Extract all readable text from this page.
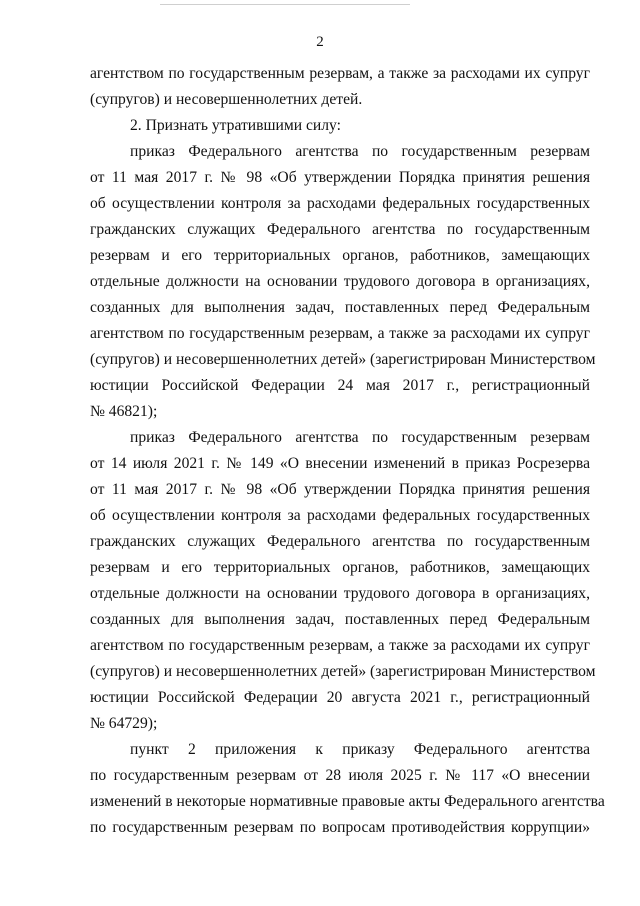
2

агентством по государственным резервам, а также за расходами их супруг
(супругов) и несовершеннолетних детей.

2. Признать утратившими силу:

приказ Федерального агентства по государственным резервам
от 11 мая 2017 г. № 98 «Об утверждении Порядка принятия решения
об осуществлении контроля за расходами федеральных государственных
гражданских служащих Федерального агентства по государственным
резервам и его территориальных органов, работников, замещающих
отдельные должности на основании трудового договора в организациях,
созданных для выполнения задач, поставленных перед Федеральным
агентством по государственным резервам, а также за расходами их супруг
(супругов) и несовершеннолетних детей» (зарегистрирован Министерством
юстиции Российской Федерации 24 мая 2017 г., регистрационный
№ 46821);

приказ Федерального агентства по государственным резервам
от 14 июля 2021 г. № 149 «О внесении изменений в приказ Росрезерва
от 11 мая 2017 г. № 98 «Об утверждении Порядка принятия решения
об осуществлении контроля за расходами федеральных государственных
гражданских служащих Федерального агентства по государственным
резервам и его территориальных органов, работников, замещающих
отдельные должности на основании трудового договора в организациях,
созданных для выполнения задач, поставленных перед Федеральным
агентством по государственным резервам, а также за расходами их супруг
(супругов) и несовершеннолетних детей» (зарегистрирован Министерством
юстиции Российской Федерации 20 августа 2021 г., регистрационный
№ 64729);

пункт 2 приложения к приказу Федерального агентства
по государственным резервам от 28 июля 2025 г. № 117 «О внесении
изменений в некоторые нормативные правовые акты Федерального агентства
по государственным резервам по вопросам противодействия коррупции»
